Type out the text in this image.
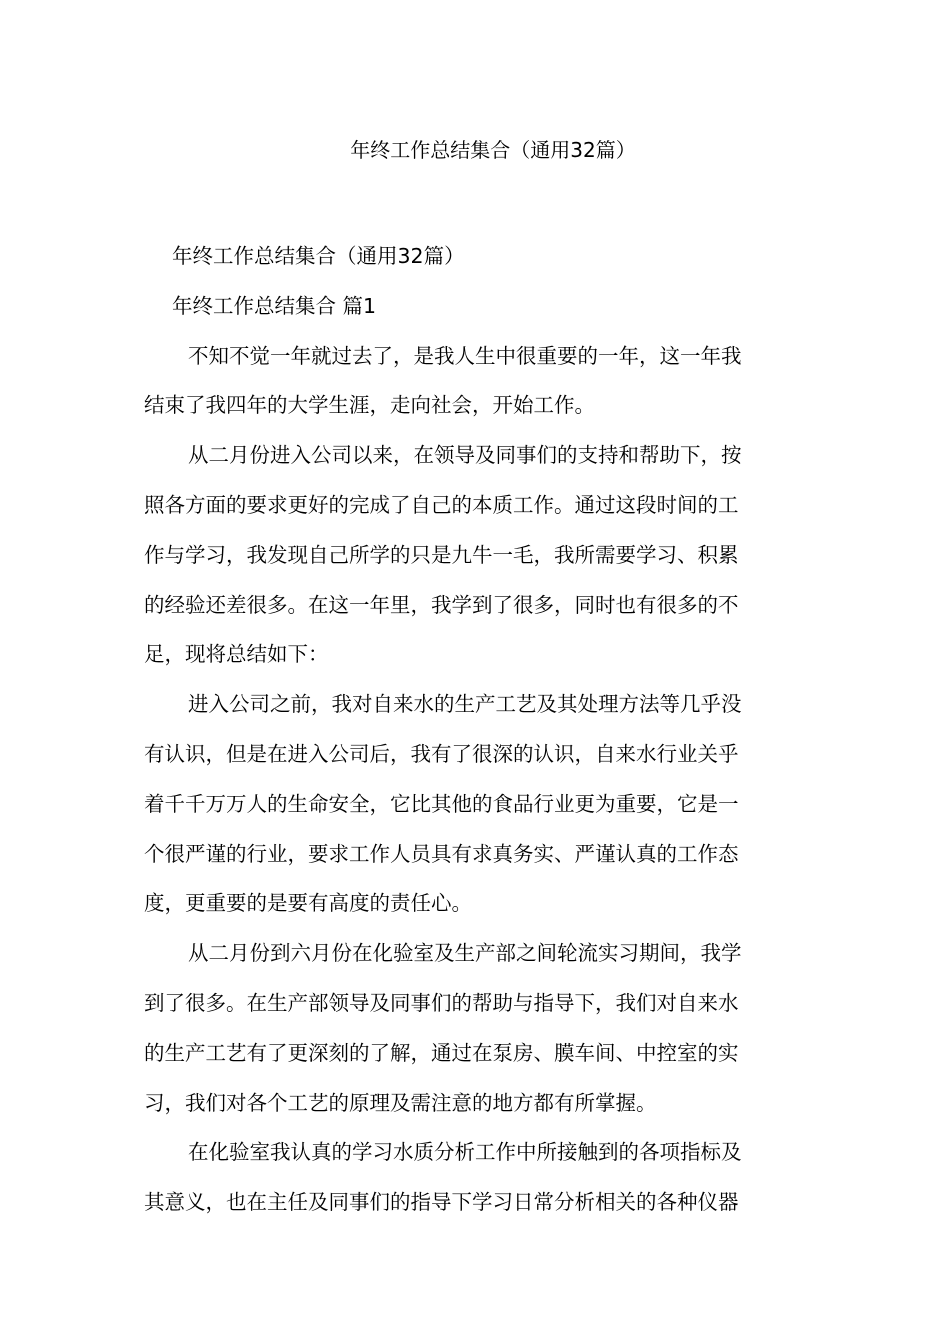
年终工作总结集合（通用32篇）
年终工作总结集合（通用32篇）
年终工作总结集合 篇1
不知不觉一年就过去了，是我人生中很重要的一年，这一年我
结束了我四年的大学生涯，走向社会，开始工作。
从二月份进入公司以来，在领导及同事们的支持和帮助下，按
照各方面的要求更好的完成了自己的本质工作。通过这段时间的工
作与学习，我发现自己所学的只是九牛一毛，我所需要学习、积累
的经验还差很多。在这一年里，我学到了很多，同时也有很多的不
足，现将总结如下：
进入公司之前，我对自来水的生产工艺及其处理方法等几乎没
有认识，但是在进入公司后，我有了很深的认识，自来水行业关乎
着千千万万人的生命安全，它比其他的食品行业更为重要，它是一
个很严谨的行业，要求工作人员具有求真务实、严谨认真的工作态
度，更重要的是要有高度的责任心。
从二月份到六月份在化验室及生产部之间轮流实习期间，我学
到了很多。在生产部领导及同事们的帮助与指导下，我们对自来水
的生产工艺有了更深刻的了解，通过在泵房、膜车间、中控室的实
习，我们对各个工艺的原理及需注意的地方都有所掌握。
在化验室我认真的学习水质分析工作中所接触到的各项指标及
其意义，也在主任及同事们的指导下学习日常分析相关的各种仪器
